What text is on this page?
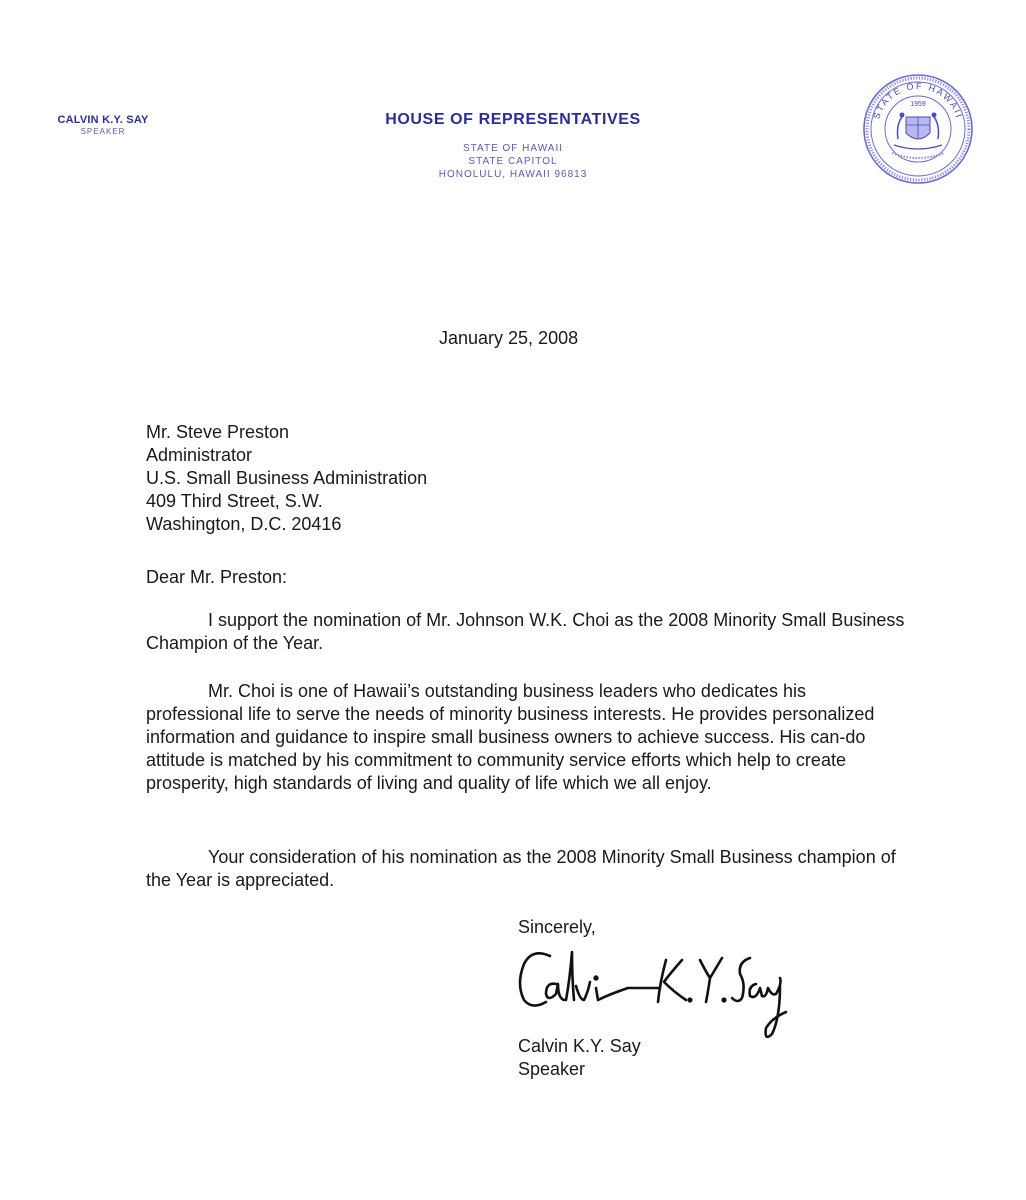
CALVIN K.Y. SAY
SPEAKER
HOUSE OF REPRESENTATIVES
STATE OF HAWAII
STATE CAPITOL
HONOLULU, HAWAII 96813
STATE OF HAWAII
1959
January 25, 2008
Mr. Steve Preston
Administrator
U.S. Small Business Administration
409 Third Street, S.W.
Washington, D.C. 20416
Dear Mr. Preston:

I support the nomination of Mr. Johnson W.K. Choi as the 2008 Minority Small Business Champion of the Year.

Mr. Choi is one of Hawaii’s outstanding business leaders who dedicates his professional life to serve the needs of minority business interests. He provides personalized information and guidance to inspire small business owners to achieve success. His can-do attitude is matched by his commitment to community service efforts which help to create prosperity, high standards of living and quality of life which we all enjoy.

Your consideration of his nomination as the 2008 Minority Small Business champion of the Year is appreciated.

Sincerely,
Calvin K.Y. Say
Speaker
